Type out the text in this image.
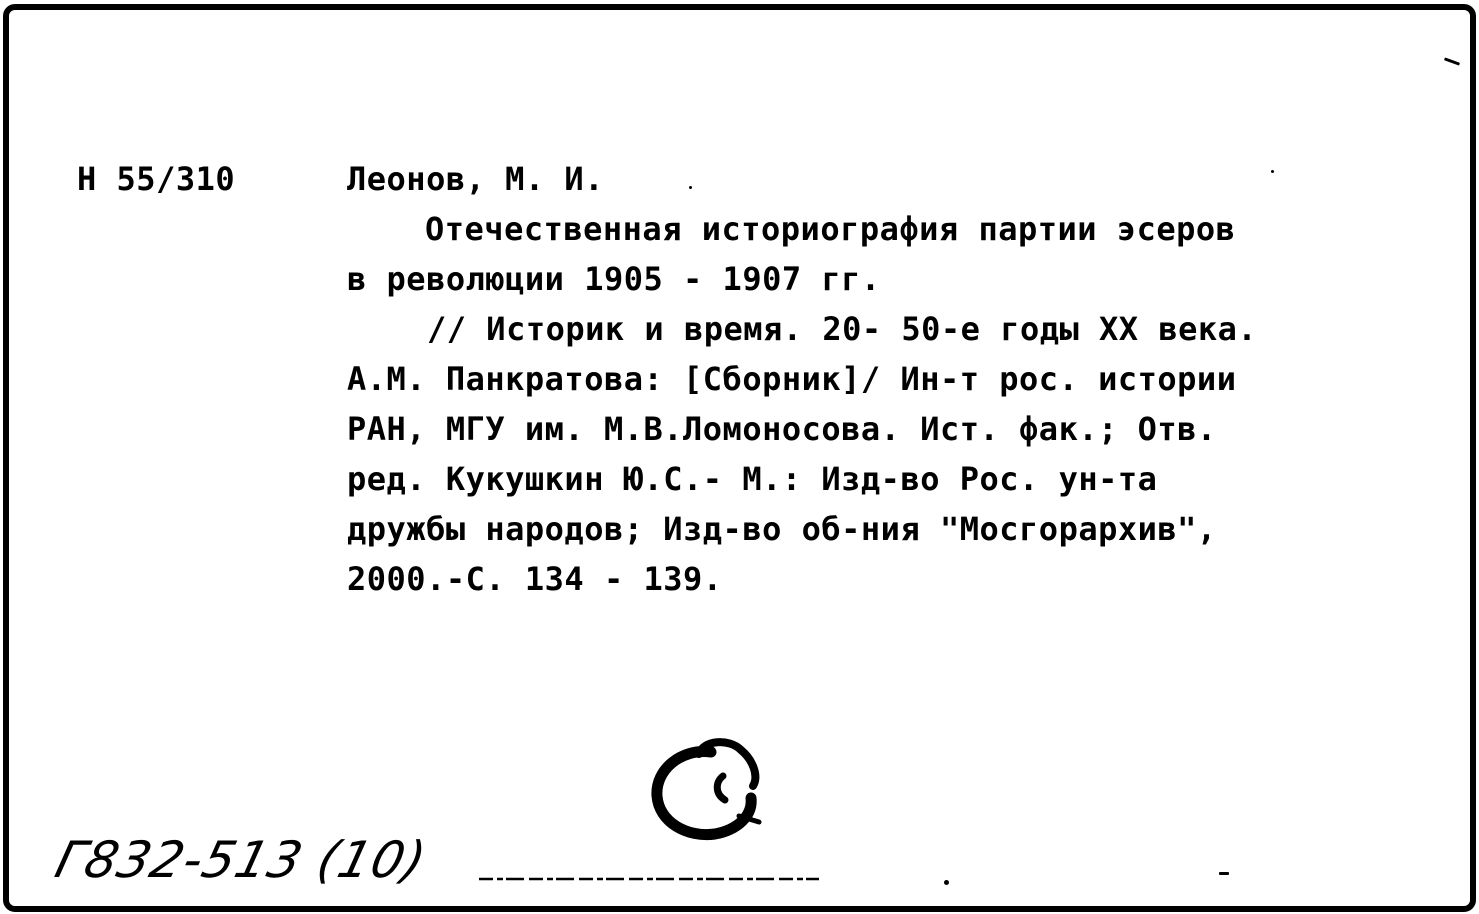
Н 55/310	Леонов, М. И.
Отечественная историография партии эсеров
в революции 1905 - 1907 гг.
// Историк и время. 20- 50-е годы XX века.
А.М. Панкратова: [Сборник]/ Ин-т рос. истории
РАН, МГУ им. М.В.Ломоносова. Ист. фак.; Отв.
ред. Кукушкин Ю.С.- М.: Изд-во Рос. ун-та
дружбы народов; Изд-во об-ния "Мосгорархив",
2000.-С. 134 - 139.
Г832-513 (10)
